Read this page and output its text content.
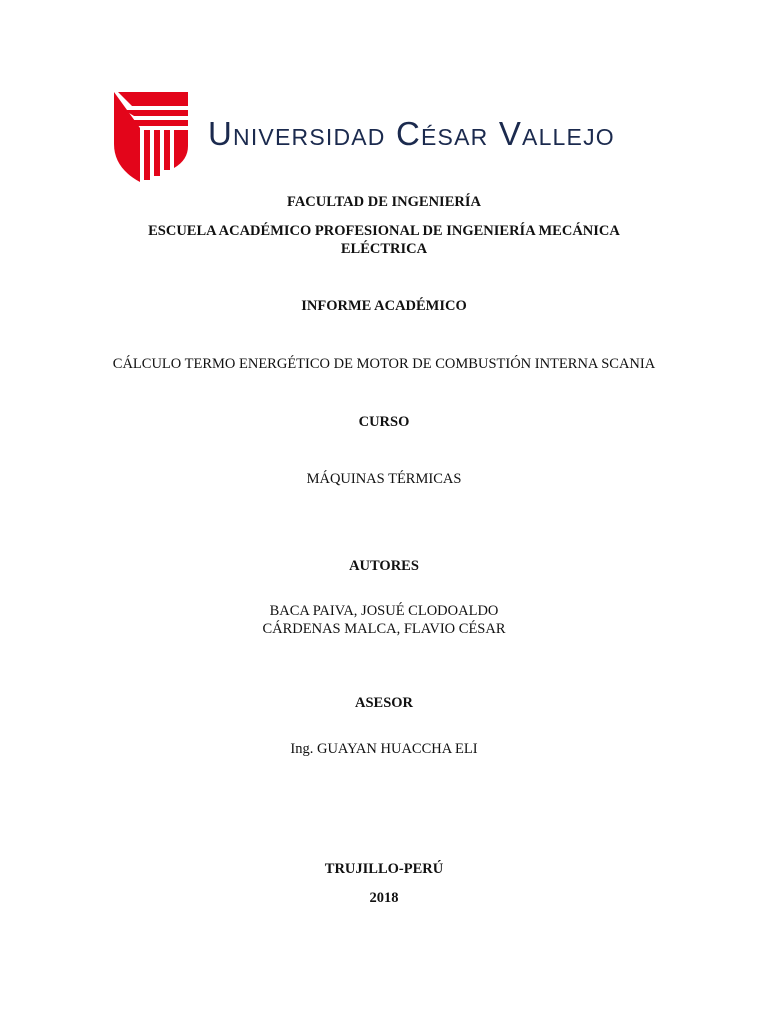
Universidad César Vallejo
FACULTAD DE INGENIERÍA
ESCUELA ACADÉMICO PROFESIONAL DE INGENIERÍA MECÁNICA
ELÉCTRICA
INFORME ACADÉMICO
CÁLCULO TERMO ENERGÉTICO DE MOTOR DE COMBUSTIÓN INTERNA SCANIA
CURSO
MÁQUINAS TÉRMICAS
AUTORES
BACA PAIVA, JOSUÉ CLODOALDO
CÁRDENAS MALCA, FLAVIO CÉSAR
ASESOR
Ing. GUAYAN HUACCHA ELI
TRUJILLO-PERÚ
2018
